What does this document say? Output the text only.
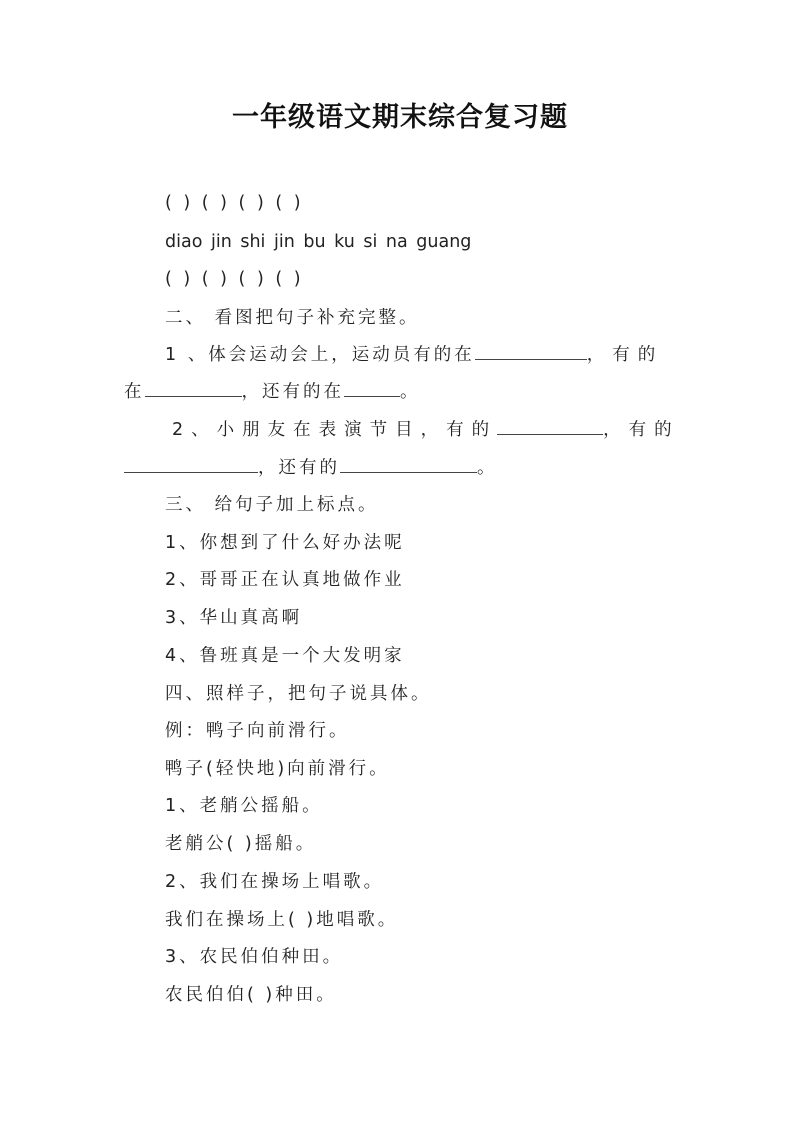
一年级语文期末综合复习题
( ) ( ) ( ) ( )
diao jin shi jin bu ku si na guang
( ) ( ) ( ) ( )
二、 看图把句子补充完整。
1 、体会运动会上，运动员有的在	，有的
在	，还有的在	。
2、小朋友在表演节目，有的	，有的
，还有的	。
三、 给句子加上标点。
1、你想到了什么好办法呢
2、哥哥正在认真地做作业
3、华山真高啊
4、鲁班真是一个大发明家
四、照样子，把句子说具体。
例：鸭子向前滑行。
鸭子(轻快地)向前滑行。
1、老艄公摇船。
老艄公( )摇船。
2、我们在操场上唱歌。
我们在操场上( )地唱歌。
3、农民伯伯种田。
农民伯伯( )种田。
